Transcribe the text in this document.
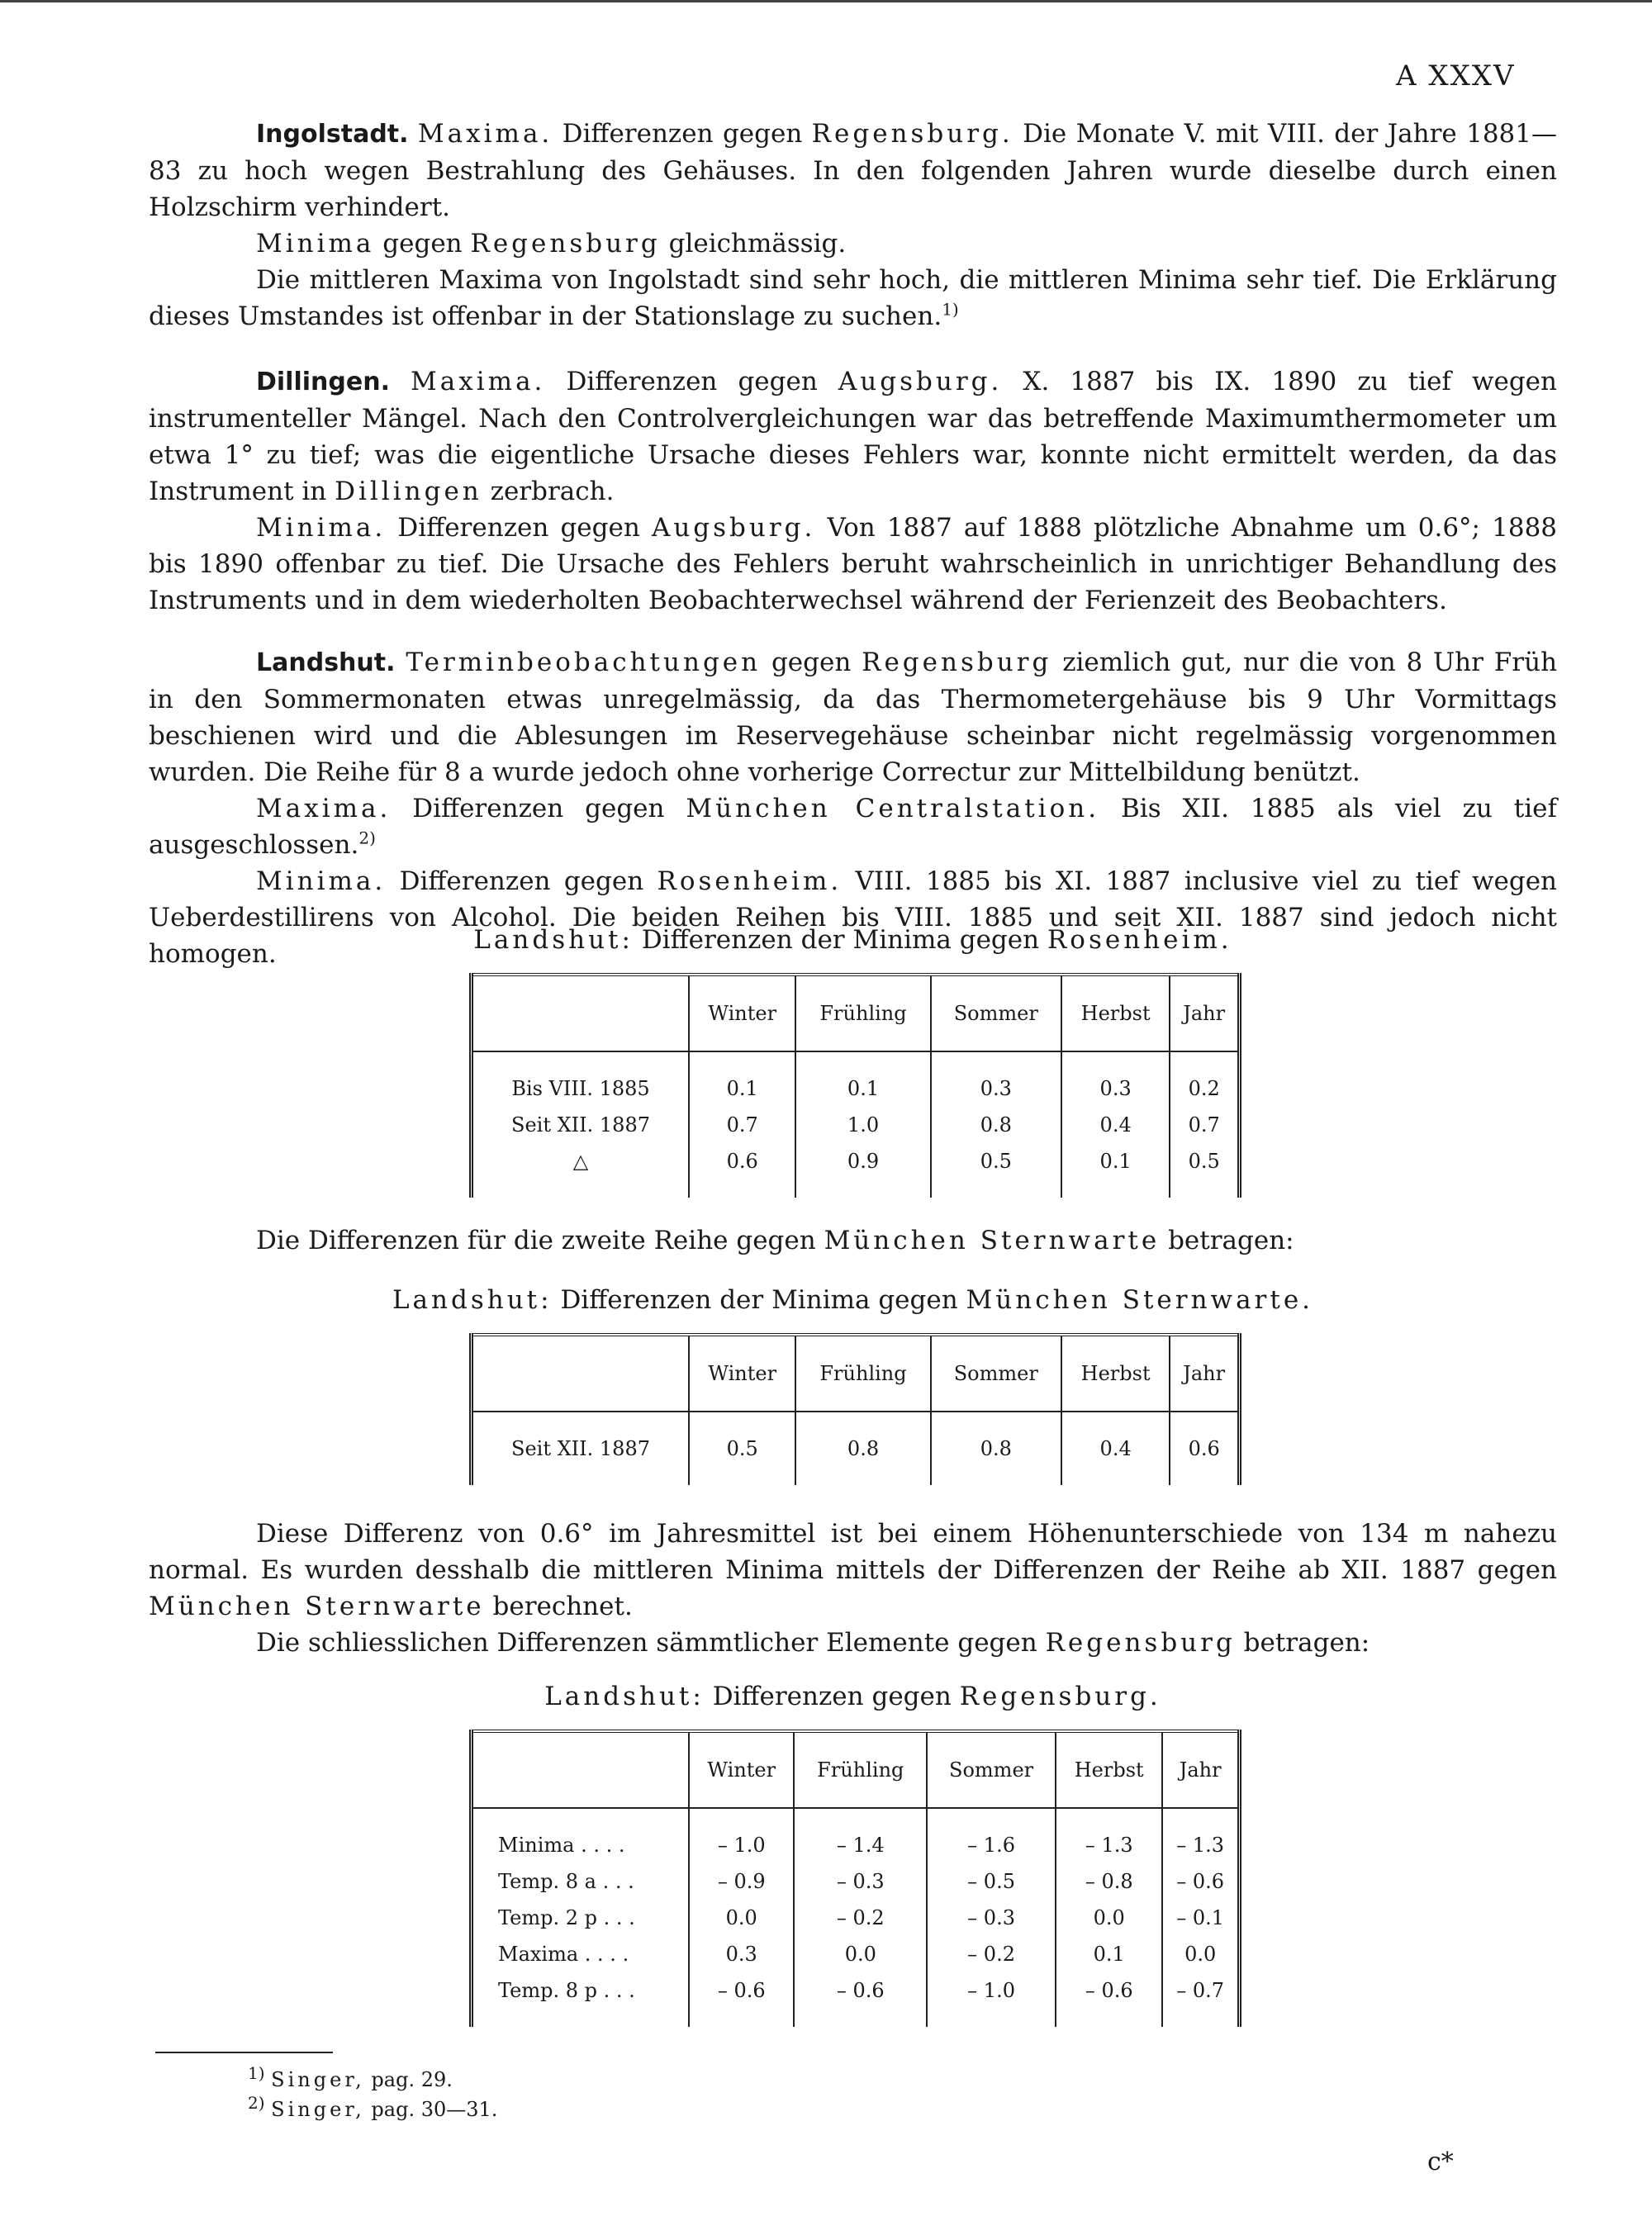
A XXXV

Ingolstadt. Maxima. Differenzen gegen Regensburg. Die Monate V. mit VIII. der Jahre 1881—83 zu hoch wegen Bestrahlung des Gehäuses. In den folgenden Jahren wurde dieselbe durch einen Holzschirm verhindert.

Minima gegen Regensburg gleichmässig.

Die mittleren Maxima von Ingolstadt sind sehr hoch, die mittleren Minima sehr tief. Die Erklärung dieses Umstandes ist offenbar in der Stationslage zu suchen.$^{1)}$

Dillingen. Maxima. Differenzen gegen Augsburg. X. 1887 bis IX. 1890 zu tief wegen instrumenteller Mängel. Nach den Controlvergleichungen war das betreffende Maximumthermometer um etwa 1° zu tief; was die eigentliche Ursache dieses Fehlers war, konnte nicht ermittelt werden, da das Instrument in Dillingen zerbrach.

Minima. Differenzen gegen Augsburg. Von 1887 auf 1888 plötzliche Abnahme um 0.6°; 1888 bis 1890 offenbar zu tief. Die Ursache des Fehlers beruht wahrscheinlich in unrichtiger Behandlung des Instruments und in dem wiederholten Beobachterwechsel während der Ferienzeit des Beobachters.

Landshut. Terminbeobachtungen gegen Regensburg ziemlich gut, nur die von 8 Uhr Früh in den Sommermonaten etwas unregelmässig, da das Thermometergehäuse bis 9 Uhr Vormittags beschienen wird und die Ablesungen im Reservegehäuse scheinbar nicht regelmässig vorgenommen wurden. Die Reihe für 8 a wurde jedoch ohne vorherige Correctur zur Mittelbildung benützt.

Maxima. Differenzen gegen München Centralstation. Bis XII. 1885 als viel zu tief ausgeschlossen.$^{2)}$

Minima. Differenzen gegen Rosenheim. VIII. 1885 bis XI. 1887 inclusive viel zu tief wegen Ueberdestillirens von Alcohol. Die beiden Reihen bis VIII. 1885 und seit XII. 1887 sind jedoch nicht homogen.	Landshut: Differenzen der Minima gegen Rosenheim.
	Winter	Frühling	Sommer	Herbst	Jahr

Bis VIII. 1885	0.1	0.1	0.3	0.3	0.2
Seit XII. 1887	0.7	1.0	0.8	0.4	0.7
△	0.6	0.9	0.5	0.1	0.5

Die Differenzen für die zweite Reihe gegen München Sternwarte betragen:

Landshut: Differenzen der Minima gegen München Sternwarte.
	Winter	Frühling	Sommer	Herbst	Jahr

Seit XII. 1887	0.5	0.8	0.8	0.4	0.6

Diese Differenz von 0.6° im Jahresmittel ist bei einem Höhenunterschiede von 134 m nahezu normal. Es wurden desshalb die mittleren Minima mittels der Differenzen der Reihe ab XII. 1887 gegen München Sternwarte berechnet.

Die schliesslichen Differenzen sämmtlicher Elemente gegen Regensburg betragen:

Landshut: Differenzen gegen Regensburg.
	Winter	Frühling	Sommer	Herbst	Jahr

Minima . . . .	– 1.0	– 1.4	– 1.6	– 1.3	– 1.3
Temp. 8 a . . .	– 0.9	– 0.3	– 0.5	– 0.8	– 0.6
Temp. 2 p . . .	0.0	– 0.2	– 0.3	0.0	– 0.1
Maxima . . . .	0.3	0.0	– 0.2	0.1	0.0
Temp. 8 p . . .	– 0.6	– 0.6	– 1.0	– 0.6	– 0.7

$^{1)}$ Singer, pag. 29.
$^{2)}$ Singer, pag. 30—31.
c*
